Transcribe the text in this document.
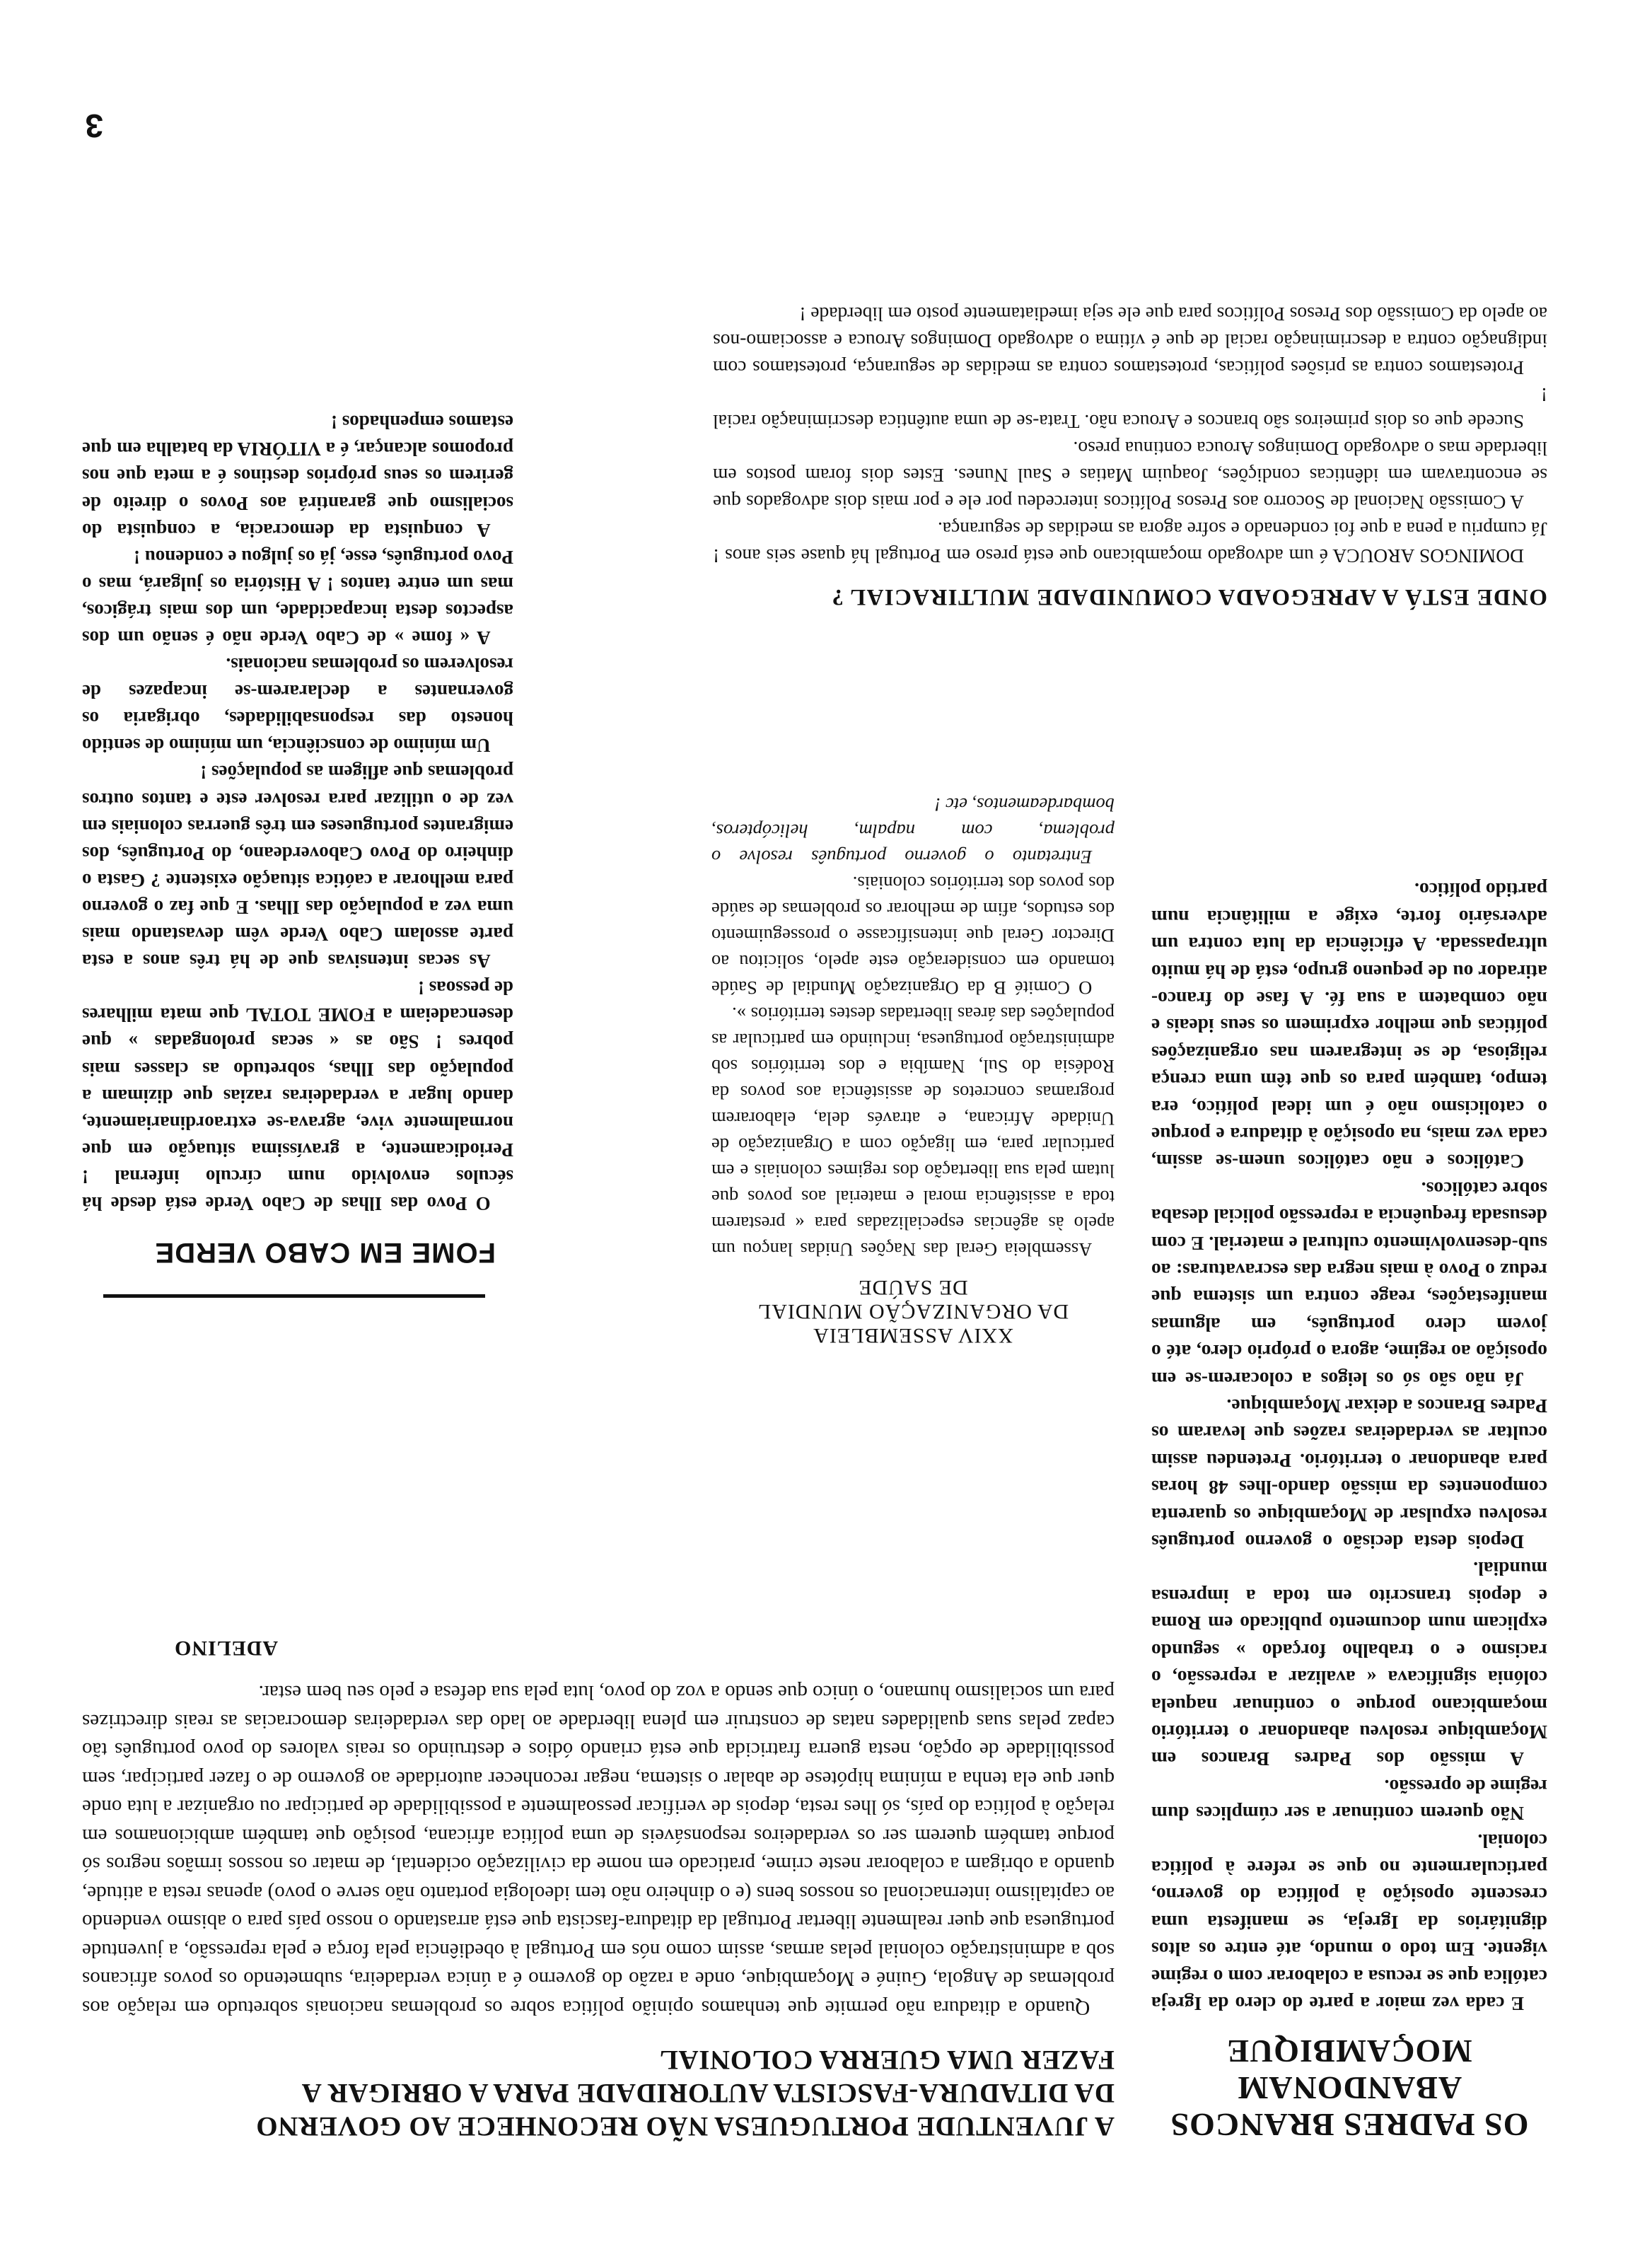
OS PADRES BRANCOS
ABANDONAM
MOÇAMBIQUE

E cada vez maior a parte do clero da Igreja católica que se recusa a colaborar com o regime vigente. Em todo o mundo, até entre os altos dignitários da Igreja, se manifesta uma crescente oposição à política do governo, particularmente no que se refere à política colonial.

Não querem continuar a ser cúmplices dum regime de opressão.

A missão dos Padres Brancos em Moçambique resolveu abandonar o território moçambicano porque o continuar naquela colónia significava « avalizar a repressão, o racismo e o trabalho forçado » segundo explicam num documento publicado em Roma e depois transcrito em toda a imprensa mundial.

Depois desta decisão o governo português resolveu expulsar de Moçambique os quarenta componentes da missão dando-lhes 48 horas para abandonar o território. Pretendeu assim ocultar as verdadeiras razões que levaram os Padres Brancos a deixar Moçambique.

Já não são só os leigos a colocarem-se em oposição ao regime, agora o próprio clero, até o jovem clero português, em algumas manifestações, reage contra um sistema que reduz o Povo à mais negra das escravaturas: ao sub-desenvolvimento cultural e material. E com desusada frequência a repressão policial desaba sobre católicos.

Católicos e não católicos unem-se assim, cada vez mais, na oposição à ditadura e porque o catolicismo não é um ideal político, era tempo, também para os que têm uma crença religiosa, de se integrarem nas organizações políticas que melhor exprimem os seus ideais e não combatem a sua fé. A fase do franco-atirador ou de pequeno grupo, está de há muito ultrapassada. A eficiência da luta contra um adversário forte, exige a militância num partido político.

A JUVENTUDE PORTUGUESA NÃO RECONHECE AO GOVERNO
DA DITADURA-FASCISTA AUTORIDADE PARA A OBRIGAR A
FAZER UMA GUERRA COLONIAL

Quando a ditadura não permite que tenhamos opinião política sobre os problemas nacionais sobretudo em relação aos problemas de Angola, Guiné e Moçambique, onde a razão do governo é a única verdadeira, submetendo os povos africanos sob a administração colonial pelas armas, assim como nós em Portugal à obediência pela força e pela repressão, a juventude portuguesa que quer realmente libertar Portugal da ditadura-fascista que está arrastando o nosso país para o abismo vendendo ao capitalismo internacional os nossos bens (e o dinheiro não tem ideologia portanto não serve o povo) apenas resta a atitude, quando a obrigam a colaborar neste crime, praticado em nome da civilização ocidental, de matar os nossos irmãos negros só porque também querem ser os verdadeiros responsáveis de uma política africana, posição que também ambicionamos em relação à política do país, só lhes resta, depois de verificar pessoalmente a possibilidade de participar ou organizar a luta onde quer que ela tenha a mínima hipótese de abalar o sistema, negar reconhecer autoridade ao governo de o fazer participar, sem possibilidade de opção, nesta guerra fratricida que está criando ódios e destruindo os reais valores do povo português tão capaz pelas suas qualidades natas de construir em plena liberdade ao lado das verdadeiras democracias as reais directrizes para um socialismo humano, o único que sendo a voz do povo, luta pela sua defesa e pelo seu bem estar.

ADELINO
XXIV ASSEMBLEIA
DA ORGANIZAÇÃO MUNDIAL
DE SAÚDE

Assembleia Geral das Nações Unidas lançou um apelo às agências especializadas para « prestarem toda a assistência moral e material aos povos que lutam pela sua libertação dos regimes coloniais e em particular para, em ligação com a Organização de Unidade Africana, e através dela, elaborarem programas concretos de assistência aos povos da Rodésia do Sul, Namíbia e dos territórios sob administração portuguesa, incluindo em particular as populações das áreas libertadas destes territórios ».

O Comité B da Organização Mundial de Saúde tomando em consideração este apelo, solicitou ao Director Geral que intensificasse o prosseguimento dos estudos, afim de melhorar os problemas de saúde dos povos dos territórios coloniais.

Entretanto o governo português resolve o problema, com napalm, helicópteros, bombardeamentos, etc !

FOME EM CABO VERDE

O Povo das Ilhas de Cabo Verde está desde há séculos envolvido num círculo infernal ! Periodicamente, a gravíssima situação em que normalmente vive, agrava-se extraordinariamente, dando lugar a verdadeiras razias que dizimam a população das Ilhas, sobretudo as classes mais pobres ! São as « secas prolongadas » que desencadeiam a FOME TOTAL que mata milhares de pessoas !

As secas intensivas que de há três anos a esta parte assolam Cabo Verde vêm devastando mais uma vez a população das Ilhas. E que faz o governo para melhorar a caótica situação existente ? Gasta o dinheiro do Povo Caboverdeano, do Português, dos emigrantes portugueses em três guerras coloniais em vez de o utilizar para resolver este e tantos outros problemas que afligem as populações !

Um mínimo de consciência, um mínimo de sentido honesto das responsabilidades, obrigaria os governantes a declararem-se incapazes de resolverem os problemas nacionais.

A « fome » de Cabo Verde não é senão um dos aspectos desta incapacidade, um dos mais trágicos, mas um entre tantos ! A História os julgará, mas o Povo português, esse, já os julgou e condenou !

A conquista da democracia, a conquista do socialismo que garantirá aos Povos o direito de gerirem os seus próprios destinos é a meta que nos propomos alcançar, é a VITÓRIA da batalha em que estamos empenhados !

ONDE ESTÁ A APREGOADA COMUNIDADE MULTIRACIAL ?

DOMINGOS AROUCA é um advogado moçambicano que está preso em Portugal há quase seis anos ! Já cumpriu a pena a que foi condenado e sofre agora as medidas de segurança.

A Comissão Nacional de Socorro aos Presos Políticos intercedeu por ele e por mais dois advogados que se encontravam em idênticas condições, Joaquim Matias e Saul Nunes. Estes dois foram postos em liberdade mas o advogado Domingos Arouca continua preso.

Sucede que os dois primeiros são brancos e Arouca não. Trata-se de uma autêntica descriminação racial !

Protestamos contra as prisões políticas, protestamos contra as medidas de segurança, protestamos com indignação contra a descriminação racial de que é vítima o advogado Domingos Arouca e associamo-nos ao apelo da Comissão dos Presos Políticos para que ele seja imediatamente posto em liberdade !

3
